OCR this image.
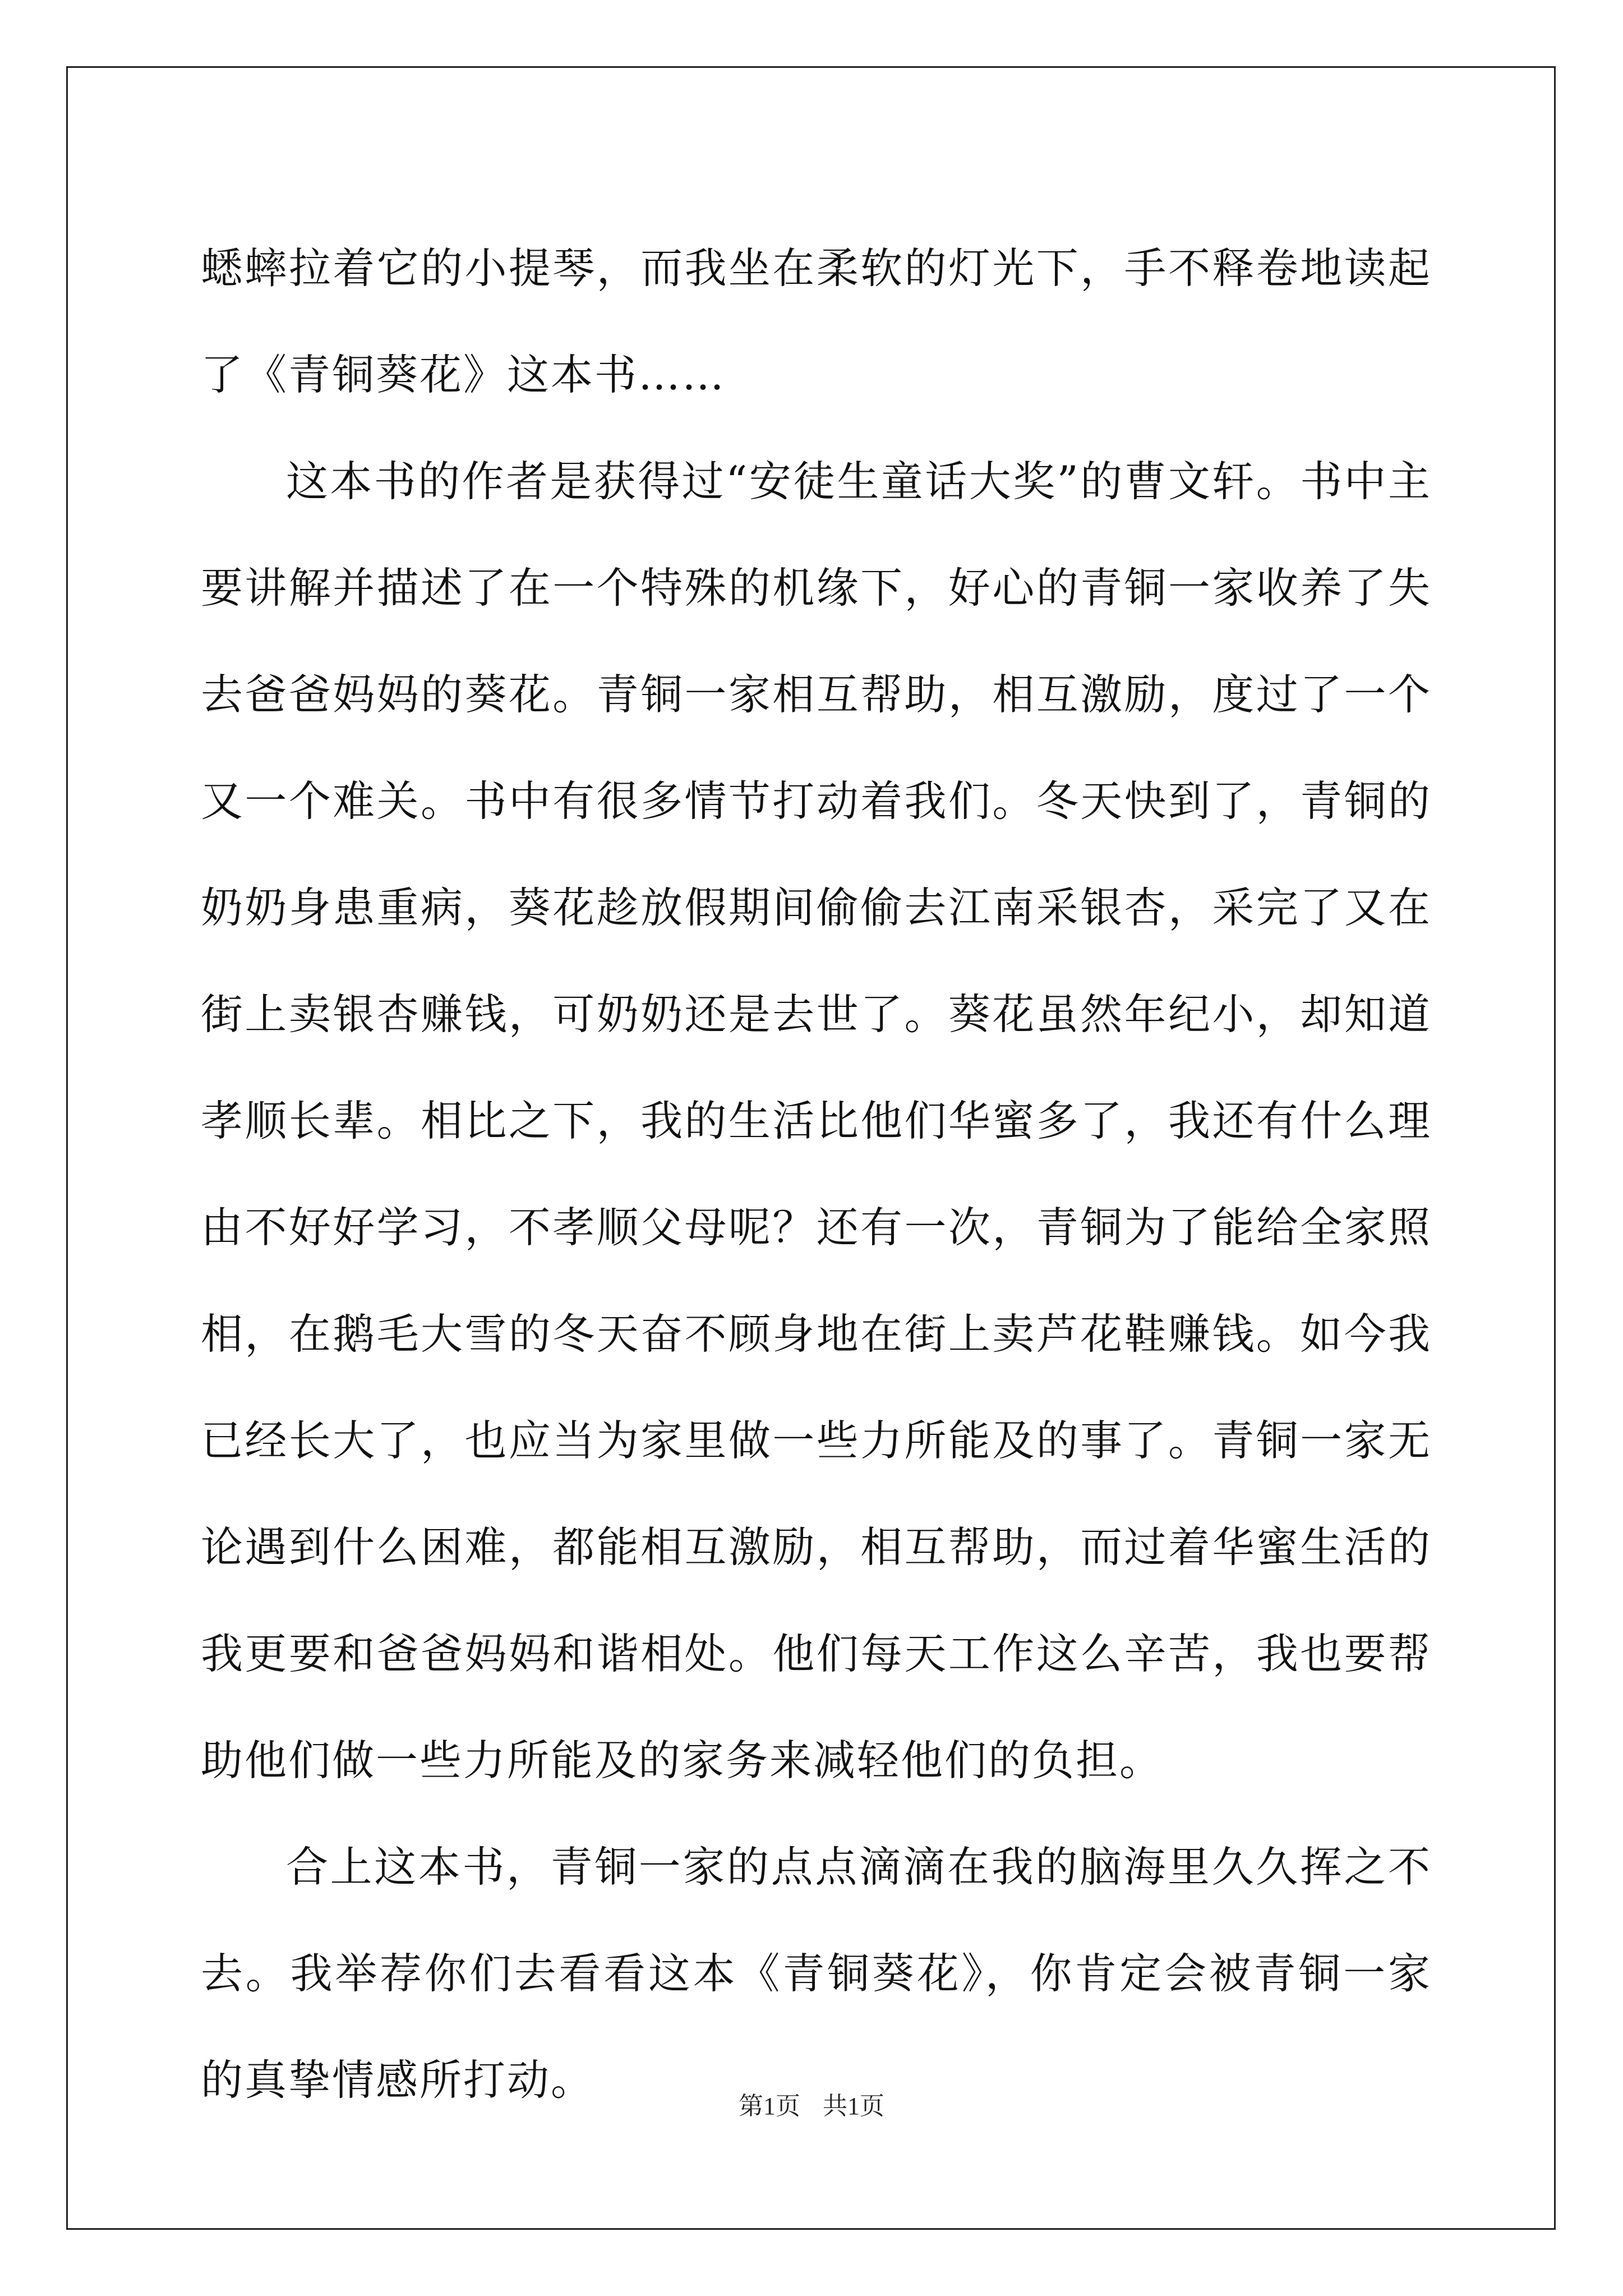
蟋蟀拉着它的小提琴，而我坐在柔软的灯光下，手不释卷地读起了《青铜葵花》这本书……

这本书的作者是获得过“安徒生童话大奖”的曹文轩。书中主要讲解并描述了在一个特殊的机缘下，好心的青铜一家收养了失去爸爸妈妈的葵花。青铜一家相互帮助，相互激励，度过了一个又一个难关。书中有很多情节打动着我们。冬天快到了，青铜的奶奶身患重病，葵花趁放假期间偷偷去江南采银杏，采完了又在街上卖银杏赚钱，可奶奶还是去世了。葵花虽然年纪小，却知道孝顺长辈。相比之下，我的生活比他们华蜜多了，我还有什么理由不好好学习，不孝顺父母呢？还有一次，青铜为了能给全家照相，在鹅毛大雪的冬天奋不顾身地在街上卖芦花鞋赚钱。如今我已经长大了，也应当为家里做一些力所能及的事了。青铜一家无论遇到什么困难，都能相互激励，相互帮助，而过着华蜜生活的我更要和爸爸妈妈和谐相处。他们每天工作这么辛苦，我也要帮助他们做一些力所能及的家务来减轻他们的负担。

合上这本书，青铜一家的点点滴滴在我的脑海里久久挥之不去。我举荐你们去看看这本《青铜葵花》，你肯定会被青铜一家的真挚情感所打动。

第1页 共1页
